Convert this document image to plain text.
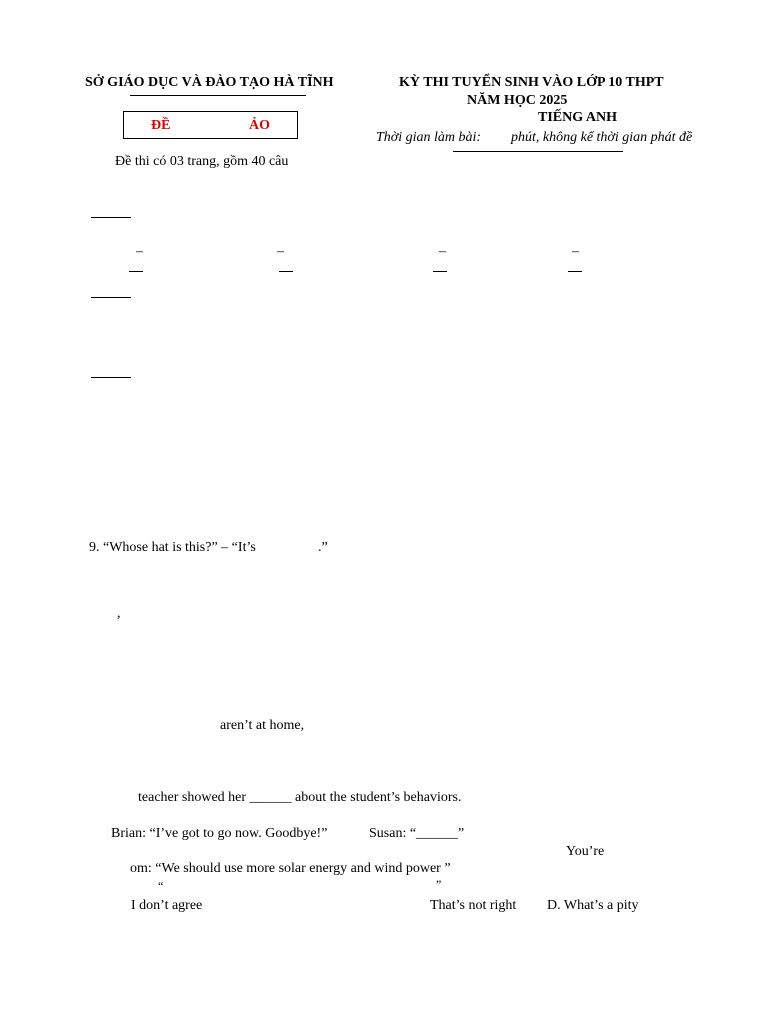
SỞ GIÁO DỤC VÀ ĐÀO TẠO HÀ TĨNH	KỲ THI TUYỂN SINH VÀO LỚP 10 THPT
NĂM HỌC 2025
TIẾNG ANH
Thời gian làm bài: phút, không kể thời gian phát đề
ĐỀ	ẢO
Đề thi có 03 trang, gồm 40 câu
–	–	–	–
9. “Whose hat is this?” – “It’s	.”
,
aren’t at home,
teacher showed her ______ about the student’s behaviors.
Brian: “I’ve got to go now. Goodbye!”	Susan: “______”
You’re
om: “We should use more solar energy and wind power ”
“	”
I don’t agree	That’s not right D. What’s a pity
